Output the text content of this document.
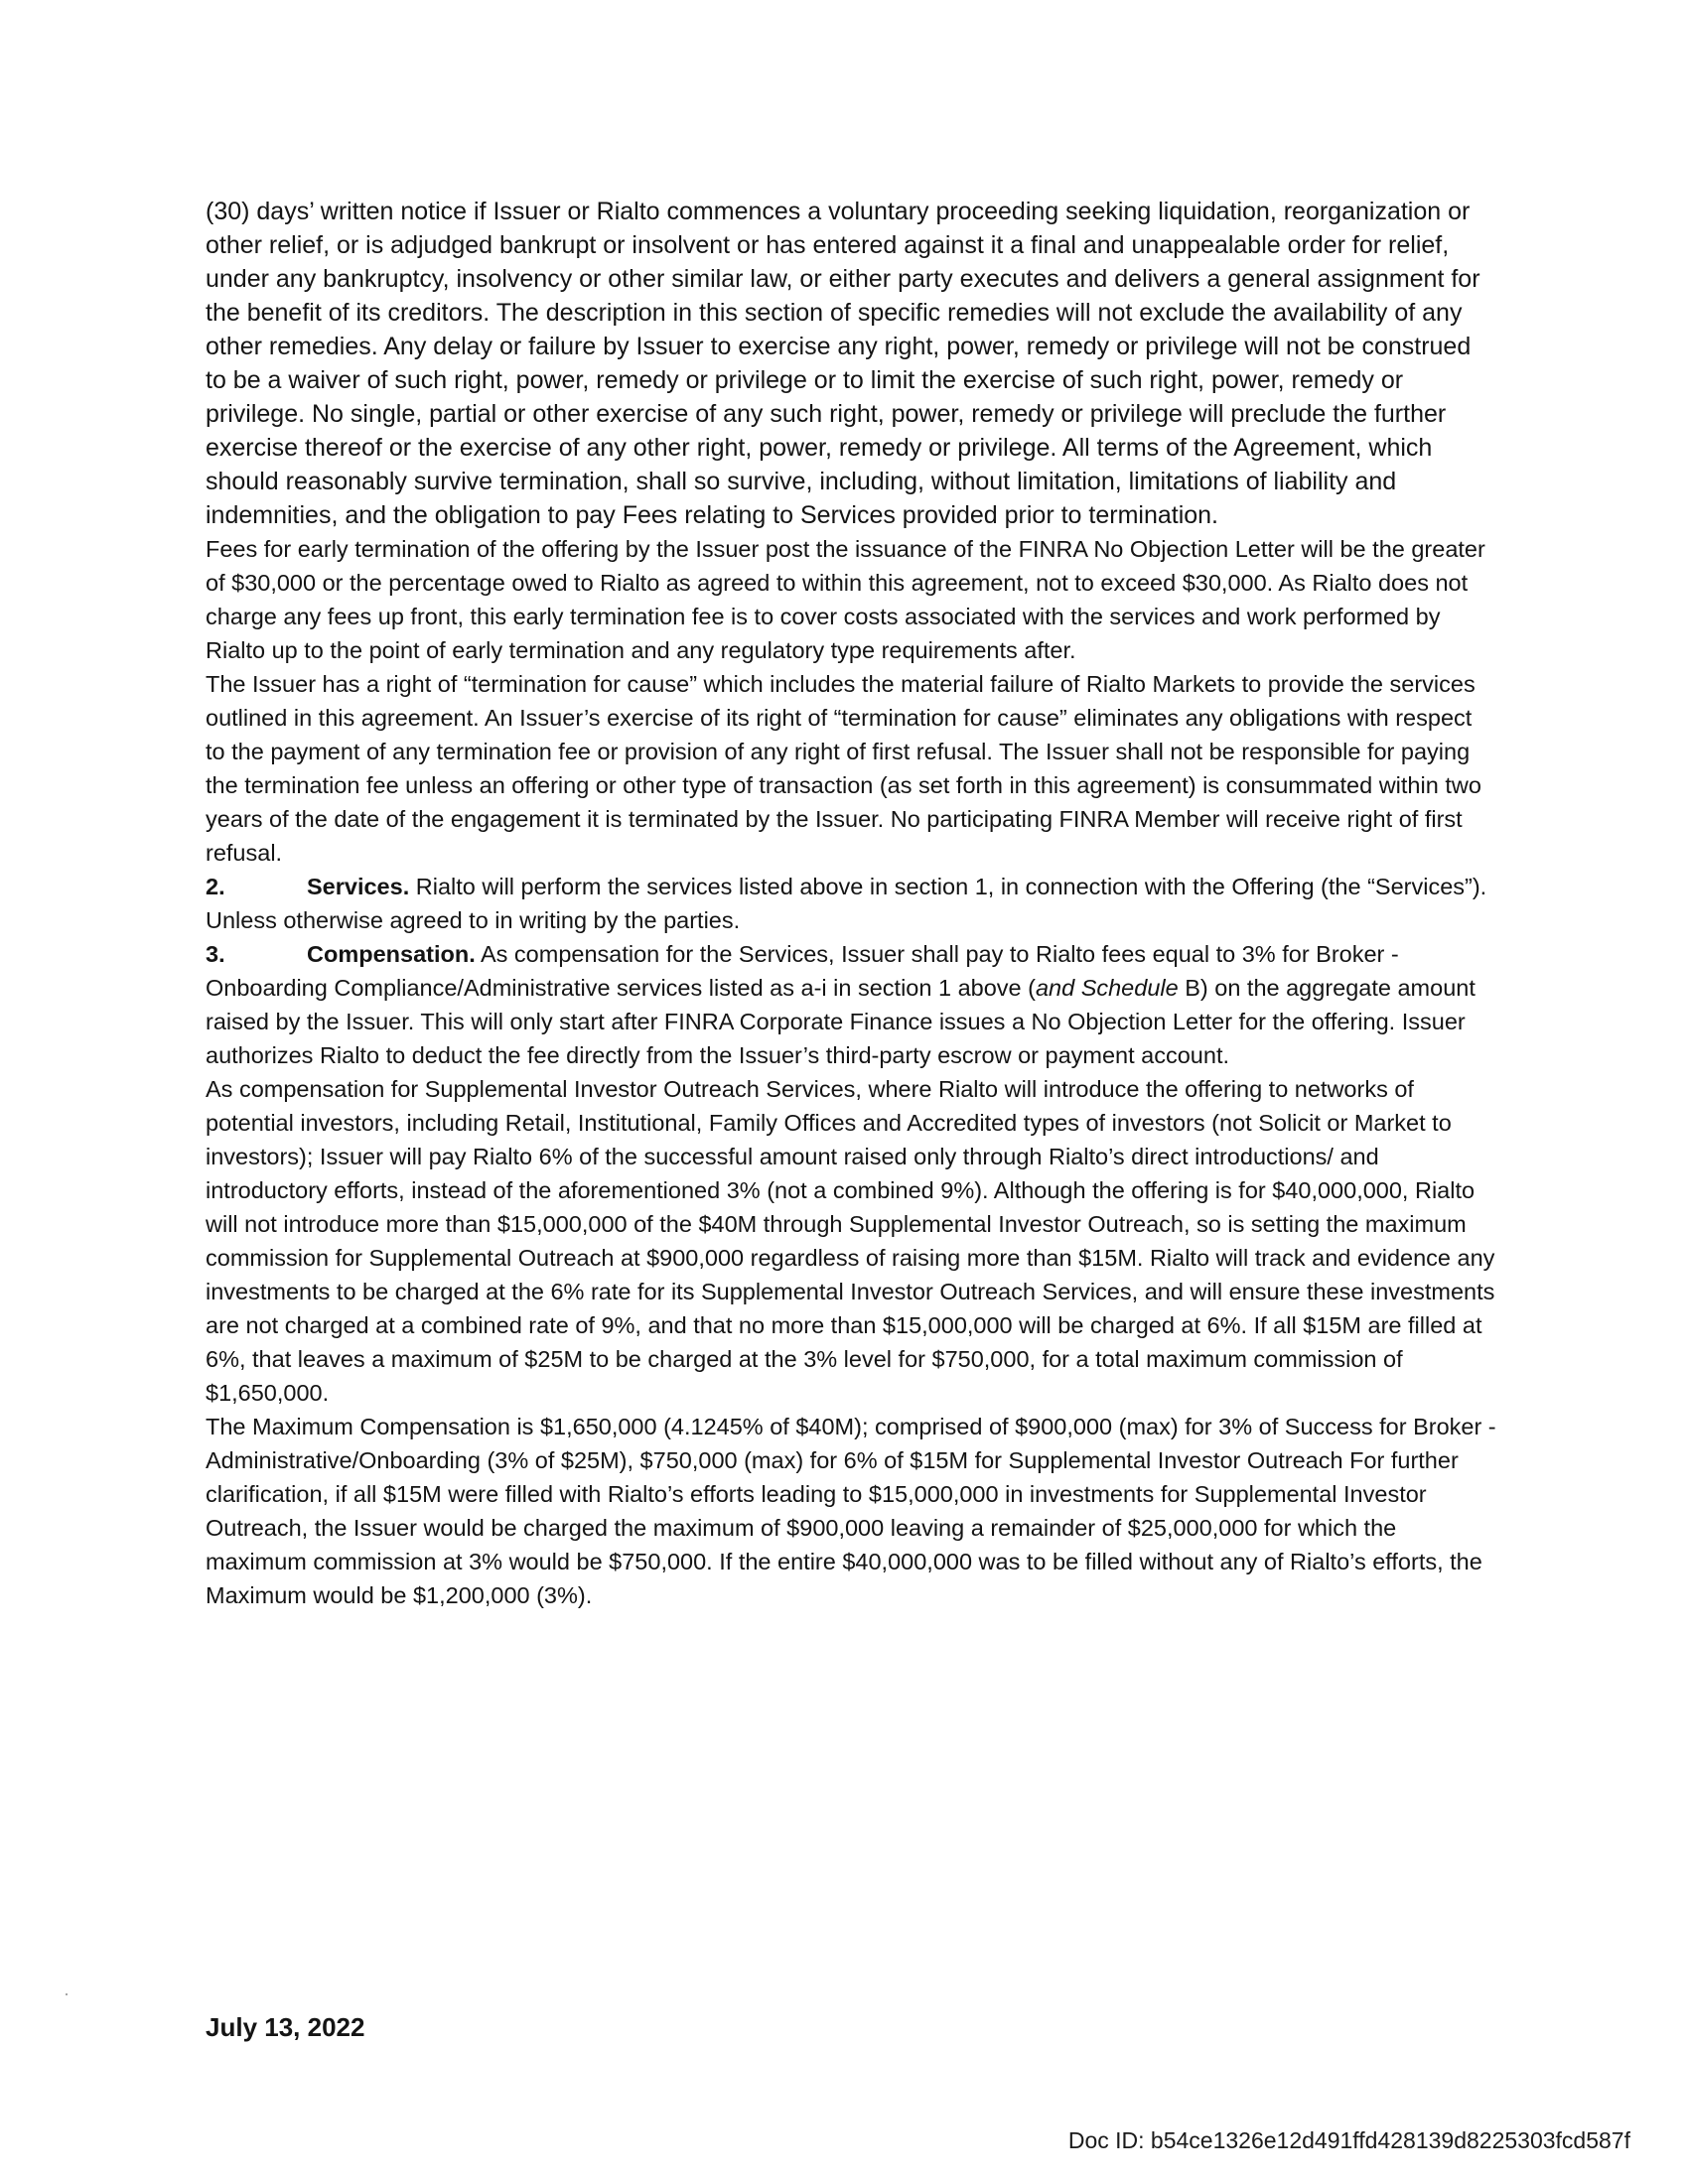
(30) days’ written notice if Issuer or Rialto commences a voluntary proceeding seeking liquidation, reorganization or other relief, or is adjudged bankrupt or insolvent or has entered against it a final and unappealable order for relief, under any bankruptcy, insolvency or other similar law, or either party executes and delivers a general assignment for the benefit of its creditors. The description in this section of specific remedies will not exclude the availability of any other remedies. Any delay or failure by Issuer to exercise any right, power, remedy or privilege will not be construed to be a waiver of such right, power, remedy or privilege or to limit the exercise of such right, power, remedy or privilege. No single, partial or other exercise of any such right, power, remedy or privilege will preclude the further exercise thereof or the exercise of any other right, power, remedy or privilege. All terms of the Agreement, which should reasonably survive termination, shall so survive, including, without limitation, limitations of liability and indemnities, and the obligation to pay Fees relating to Services provided prior to termination.

Fees for early termination of the offering by the Issuer post the issuance of the FINRA No Objection Letter will be the greater of $30,000 or the percentage owed to Rialto as agreed to within this agreement, not to exceed $30,000. As Rialto does not charge any fees up front, this early termination fee is to cover costs associated with the services and work performed by Rialto up to the point of early termination and any regulatory type requirements after.

The Issuer has a right of “termination for cause” which includes the material failure of Rialto Markets to provide the services outlined in this agreement. An Issuer’s exercise of its right of “termination for cause” eliminates any obligations with respect to the payment of any termination fee or provision of any right of first refusal. The Issuer shall not be responsible for paying the termination fee unless an offering or other type of transaction (as set forth in this agreement) is consummated within two years of the date of the engagement it is terminated by the Issuer. No participating FINRA Member will receive right of first refusal.

2.	Services. Rialto will perform the services listed above in section 1, in connection with the Offering (the “Services”). Unless otherwise agreed to in writing by the parties.

3.	Compensation. As compensation for the Services, Issuer shall pay to Rialto fees equal to 3% for Broker - Onboarding Compliance/Administrative services listed as a-i in section 1 above (and Schedule B) on the aggregate amount raised by the Issuer. This will only start after FINRA Corporate Finance issues a No Objection Letter for the offering. Issuer authorizes Rialto to deduct the fee directly from the Issuer’s third-party escrow or payment account.

As compensation for Supplemental Investor Outreach Services, where Rialto will introduce the offering to networks of potential investors, including Retail, Institutional, Family Offices and Accredited types of investors (not Solicit or Market to investors); Issuer will pay Rialto 6% of the successful amount raised only through Rialto’s direct introductions/ and introductory efforts, instead of the aforementioned 3% (not a combined 9%). Although the offering is for $40,000,000, Rialto will not introduce more than $15,000,000 of the $40M through Supplemental Investor Outreach, so is setting the maximum commission for Supplemental Outreach at $900,000 regardless of raising more than $15M. Rialto will track and evidence any investments to be charged at the 6% rate for its Supplemental Investor Outreach Services, and will ensure these investments are not charged at a combined rate of 9%, and that no more than $15,000,000 will be charged at 6%. If all $15M are filled at 6%, that leaves a maximum of $25M to be charged at the 3% level for $750,000, for a total maximum commission of $1,650,000.

The Maximum Compensation is $1,650,000 (4.1245% of $40M); comprised of $900,000 (max) for 3% of Success for Broker - Administrative/Onboarding (3% of $25M), $750,000 (max) for 6% of $15M for Supplemental Investor Outreach For further clarification, if all $15M were filled with Rialto’s efforts leading to $15,000,000 in investments for Supplemental Investor Outreach, the Issuer would be charged the maximum of $900,000 leaving a remainder of $25,000,000 for which the maximum commission at 3% would be $750,000. If the entire $40,000,000 was to be filled without any of Rialto’s efforts, the Maximum would be $1,200,000 (3%).

July 13, 2022
Doc ID: b54ce1326e12d491ffd428139d8225303fcd587f
